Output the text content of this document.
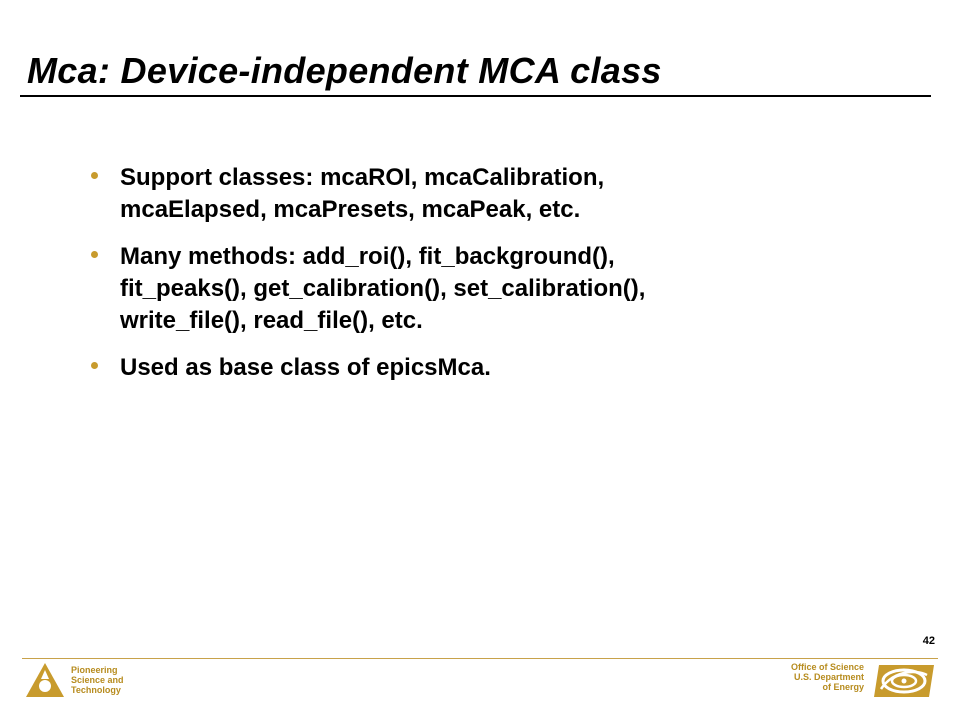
Mca: Device-independent MCA class
Support classes: mcaROI, mcaCalibration,
mcaElapsed, mcaPresets, mcaPeak, etc.
Many methods: add_roi(), fit_background(),
fit_peaks(), get_calibration(), set_calibration(),
write_file(), read_file(), etc.
Used as base class of epicsMca.
42
Pioneering
Science and
Technology
Office of Science
U.S. Department
of Energy
